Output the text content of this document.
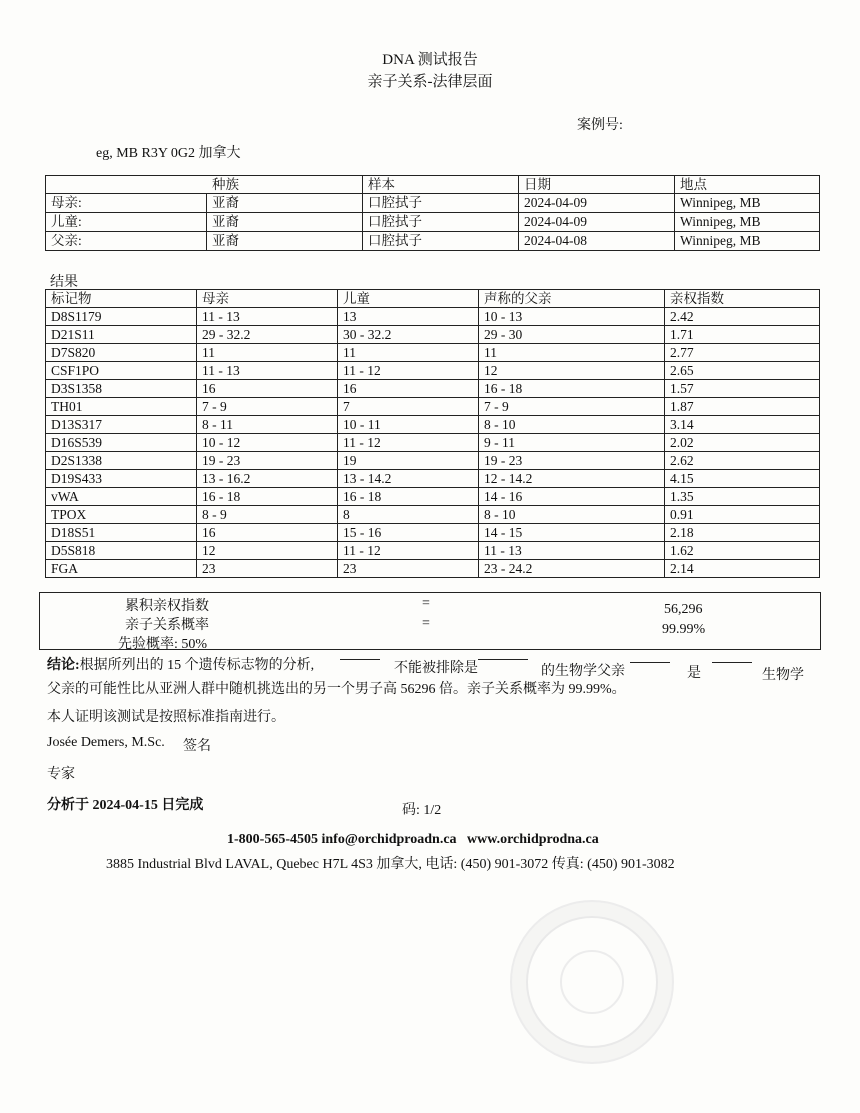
DNA 测试报告
亲子关系-法律层面
案例号:
eg, MB R3Y 0G2 加拿大
	种族	样本	日期	地点
母亲:	亚裔	口腔拭子	2024-04-09	Winnipeg, MB
儿童:	亚裔	口腔拭子	2024-04-09	Winnipeg, MB
父亲:	亚裔	口腔拭子	2024-04-08	Winnipeg, MB
结果
标记物	母亲	儿童	声称的父亲	亲权指数
D8S1179	11 - 13	13	10 - 13	2.42
D21S11	29 - 32.2	30 - 32.2	29 - 30	1.71
D7S820	11	11	11	2.77
CSF1PO	11 - 13	11 - 12	12	2.65
D3S1358	16	16	16 - 18	1.57
TH01	7 - 9	7	7 - 9	1.87
D13S317	8 - 11	10 - 11	8 - 10	3.14
D16S539	10 - 12	11 - 12	9 - 11	2.02
D2S1338	19 - 23	19	19 - 23	2.62
D19S433	13 - 16.2	13 - 14.2	12 - 14.2	4.15
vWA	16 - 18	16 - 18	14 - 16	1.35
TPOX	8 - 9	8	8 - 10	0.91
D18S51	16	15 - 16	14 - 15	2.18
D5S818	12	11 - 12	11 - 13	1.62
FGA	23	23	23 - 24.2	2.14
累积亲权指数	=	56,296
亲子关系概率	=	99.99%
先验概率: 50%
结论:根据所列出的 15 个遗传标志物的分析,	不能被排除是	的生物学父亲	是	生物学
父亲的可能性比从亚洲人群中随机挑选出的另一个男子高 56296 倍。亲子关系概率为 99.99%。
本人证明该测试是按照标准指南进行。
Josée Demers, M.Sc. 签名
专家
分析于 2024-04-15 日完成	码: 1/2
1-800-565-4505 info@orchidproadn.ca www.orchidprodna.ca
3885 Industrial Blvd LAVAL, Quebec H7L 4S3 加拿大, 电话: (450) 901-3072 传真: (450) 901-3082
